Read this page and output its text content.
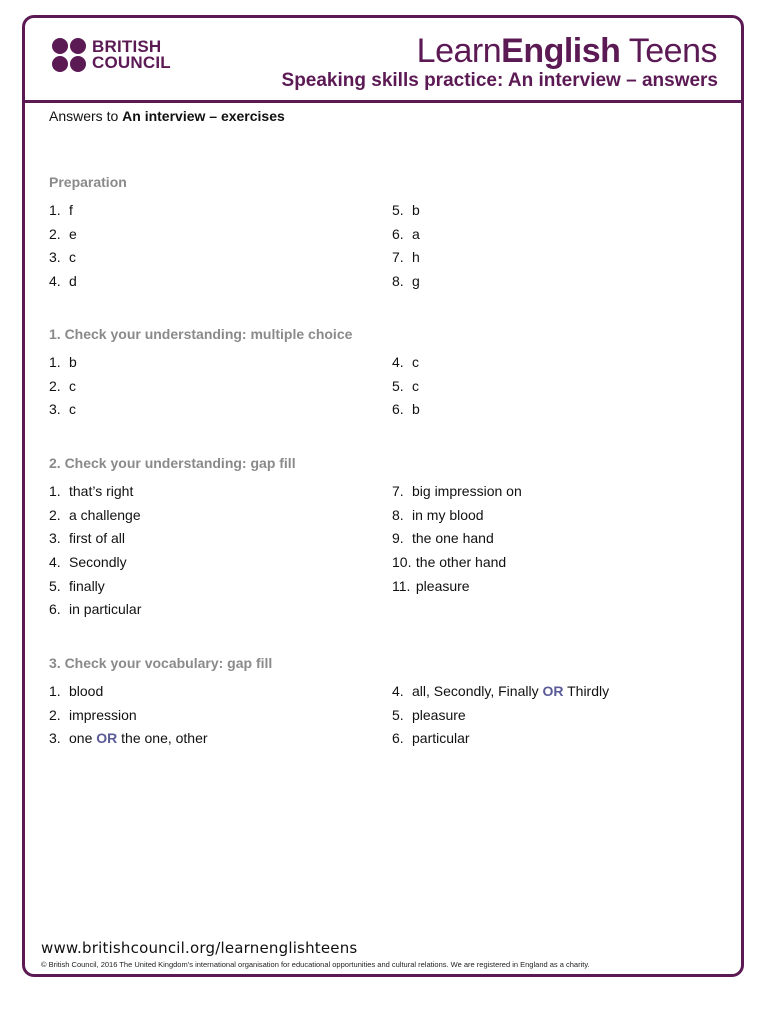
BRITISH
COUNCIL	LearnEnglish Teens
Speaking skills practice: An interview – answers
Answers to An interview – exercises
Preparation
1. f
2. e
3. c
4. d
5. b
6. a
7. h
8. g
1. Check your understanding: multiple choice
1. b
2. c
3. c
4. c
5. c
6. b
2. Check your understanding: gap fill
1. that’s right
2. a challenge
3. first of all
4. Secondly
5. finally
6. in particular
7. big impression on
8. in my blood
9. the one hand
10. the other hand
11. pleasure
3. Check your vocabulary: gap fill
1. blood
2. impression
3. one OR the one, other
4. all, Secondly, Finally OR Thirdly
5. pleasure
6. particular
www.britishcouncil.org/learnenglishteens
© British Council, 2016 The United Kingdom’s international organisation for educational opportunities and cultural relations. We are registered in England as a charity.
